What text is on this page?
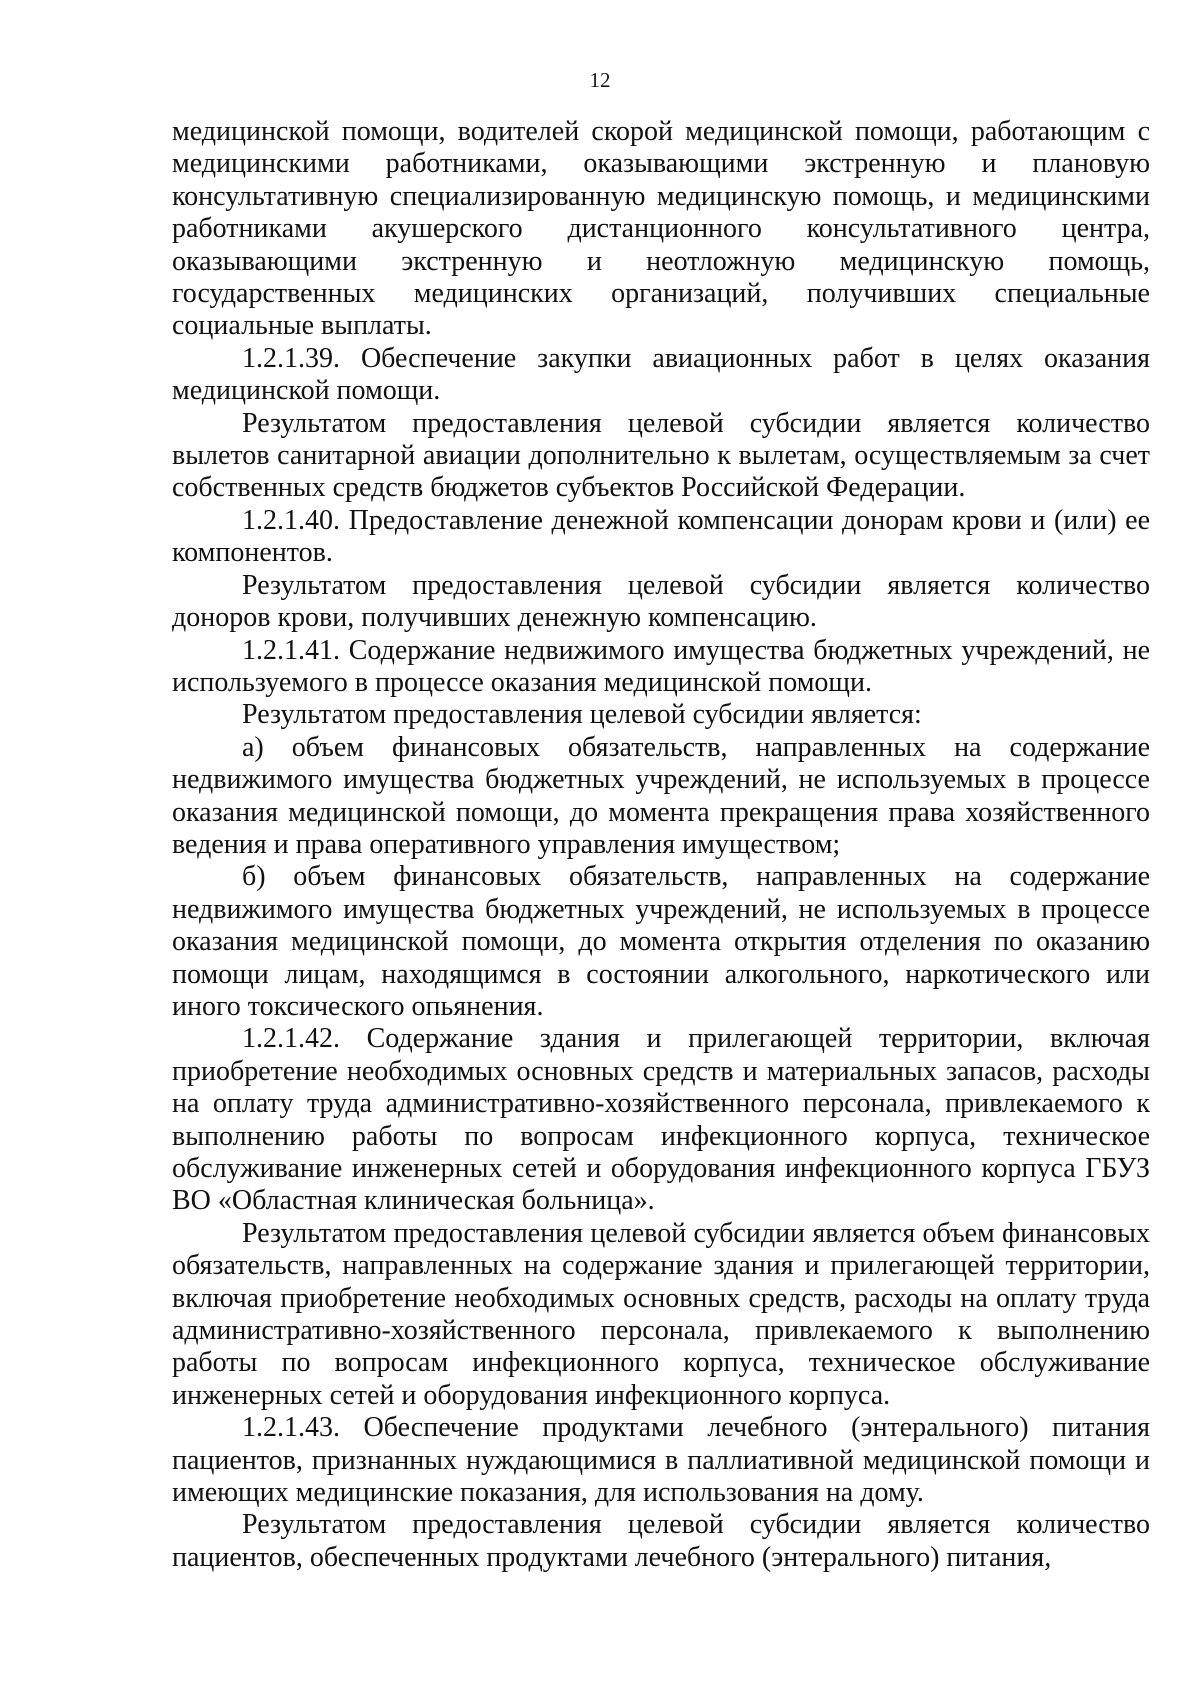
12

медицинской помощи, водителей скорой медицинской помощи, работающим с медицинскими работниками, оказывающими экстренную и плановую консультативную специализированную медицинскую помощь, и медицинскими работниками акушерского дистанционного консультативного центра, оказывающими экстренную и неотложную медицинскую помощь, государственных медицинских организаций, получивших специальные социальные выплаты.

1.2.1.39. Обеспечение закупки авиационных работ в целях оказания медицинской помощи.

Результатом предоставления целевой субсидии является количество вылетов санитарной авиации дополнительно к вылетам, осуществляемым за счет собственных средств бюджетов субъектов Российской Федерации.

1.2.1.40. Предоставление денежной компенсации донорам крови и (или) ее компонентов.

Результатом предоставления целевой субсидии является количество доноров крови, получивших денежную компенсацию.

1.2.1.41. Содержание недвижимого имущества бюджетных учреждений, не используемого в процессе оказания медицинской помощи.

Результатом предоставления целевой субсидии является:

а) объем финансовых обязательств, направленных на содержание недвижимого имущества бюджетных учреждений, не используемых в процессе оказания медицинской помощи, до момента прекращения права хозяйственного ведения и права оперативного управления имуществом;

б) объем финансовых обязательств, направленных на содержание недвижимого имущества бюджетных учреждений, не используемых в процессе оказания медицинской помощи, до момента открытия отделения по оказанию помощи лицам, находящимся в состоянии алкогольного, наркотического или иного токсического опьянения.

1.2.1.42. Содержание здания и прилегающей территории, включая приобретение необходимых основных средств и материальных запасов, расходы на оплату труда административно-хозяйственного персонала, привлекаемого к выполнению работы по вопросам инфекционного корпуса, техническое обслуживание инженерных сетей и оборудования инфекционного корпуса ГБУЗ ВО «Областная клиническая больница».

Результатом предоставления целевой субсидии является объем финансовых обязательств, направленных на содержание здания и прилегающей территории, включая приобретение необходимых основных средств, расходы на оплату труда административно-хозяйственного персонала, привлекаемого к выполнению работы по вопросам инфекционного корпуса, техническое обслуживание инженерных сетей и оборудования инфекционного корпуса.

1.2.1.43. Обеспечение продуктами лечебного (энтерального) питания пациентов, признанных нуждающимися в паллиативной медицинской помощи и имеющих медицинские показания, для использования на дому.

Результатом предоставления целевой субсидии является количество пациентов, обеспеченных продуктами лечебного (энтерального) питания,
